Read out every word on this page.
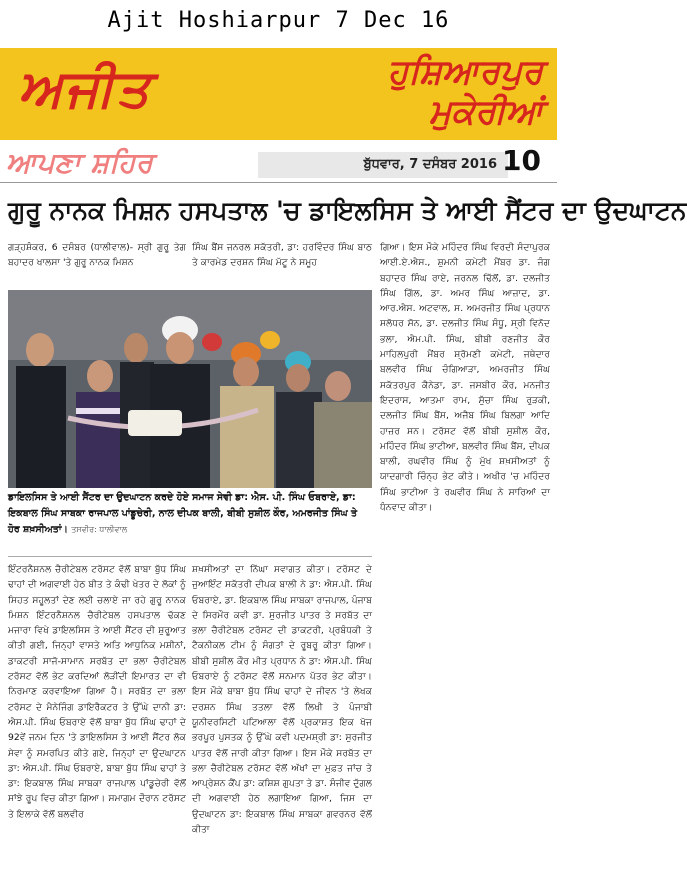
Ajit Hoshiarpur 7 Dec 16
ਅਜੀਤ	ਹੁਸ਼ਿਆਰਪੁਰ
ਮੁਕੇਰੀਆਂ
ਆਪਣਾ ਸ਼ਹਿਰ	ਬੁੱਧਵਾਰ, 7 ਦਸੰਬਰ 2016 10
ਗੁਰੂ ਨਾਨਕ ਮਿਸ਼ਨ ਹਸਪਤਾਲ 'ਚ ਡਾਇਲਸਿਸ ਤੇ ਆਈ ਸੈਂਟਰ ਦਾ ਉਦਘਾਟਨ

ਗੜ੍ਹਸ਼ੰਕਰ, 6 ਦਸੰਬਰ (ਧਾਲੀਵਾਲ)- ਸ੍ਰੀ ਗੁਰੂ ਤੇਗ ਬਹਾਦਰ ਖਾਲਸਾ 'ਤੇ ਗੁਰੂ ਨਾਨਕ ਮਿਸ਼ਨ

ਸਿੰਘ ਬੈਂਸ ਜਨਰਲ ਸਕੱਤਰੀ, ਡਾ: ਹਰਵਿੰਦਰ ਸਿੰਘ ਬਾਠ ਤੇ ਕਾਰਮੇਡ ਦਰਸ਼ਨ ਸਿੰਘ ਮੱਟੂ ਨੇ ਸਮੂਹ

ਡਾਇਲਸਿਸ ਤੇ ਆਈ ਸੈਂਟਰ ਦਾ ਉਦਘਾਟਨ ਕਰਦੇ ਹੋਏ ਸਮਾਜ ਸੇਵੀ ਡਾ: ਐਸ. ਪੀ. ਸਿੰਘ ਓਬਰਾਏ, ਡਾ: ਇਕਬਾਲ ਸਿੰਘ ਸਾਬਕਾ ਰਾਜਪਾਲ ਪਾਂਡੂਚੇਰੀ, ਨਾਲ ਦੀਪਕ ਬਾਲੀ, ਬੀਬੀ ਸੁਸ਼ੀਲ ਕੌਰ, ਅਮਰਜੀਤ ਸਿੰਘ ਤੇ ਹੋਰ ਸ਼ਖ਼ਸੀਅਤਾਂ। ਤਸਵੀਰ: ਧਾਲੀਵਾਲ

ਗਿਆ। ਇਸ ਮੌਕੇ ਮਹਿੰਦਰ ਸਿੰਘ ਵਿਰਦੀ ਸੰਦਾਪੁਰਕ ਆਈ.ਏ.ਐਸ., ਸ਼ੁਮਨੀ ਕਮੇਟੀ ਮੈਂਬਰ ਡਾ. ਜੰਗ ਬਹਾਦਰ ਸਿੰਘ ਰਾਏ, ਜਰਨਲ ਢਿੱਲੋਂ, ਡਾ. ਦਲਜੀਤ ਸਿੰਘ ਗਿੱਲ, ਡਾ. ਅਮਰ ਸਿੰਘ ਆਜ਼ਾਦ, ਡਾ. ਆਰ.ਐਸ. ਅਟਵਾਲ, ਸ. ਅਮਰਜੀਤ ਸਿੰਘ ਪ੍ਰਧਾਨ ਸਲੋਧਰ ਸੋਨ, ਡਾ. ਦਲਜੀਤ ਸਿੰਘ ਸੰਧੂ, ਸ੍ਰੀ ਵਿਨੋਦ ਭਲਾ, ਐਮ.ਪੀ. ਸਿੰਘ, ਬੀਬੀ ਰਣਜੀਤ ਕੌਰ ਮਾਹਿਲਪੁਰੀ ਮੈਂਬਰ ਸ਼੍ਰੋਮਣੀ ਕਮੇਟੀ, ਜਥੇਦਾਰ ਬਲਵੀਰ ਸਿੰਘ ਚੰਗਿਆੜਾ, ਅਮਰਜੀਤ ਸਿੰਘ ਸਕੱਤਰਪੁਰ ਕੈਨੇਡਾ, ਡਾ. ਜਸਬੀਰ ਕੌਰ, ਮਨਜੀਤ ਇਦਰਾਸ, ਆਤਮਾ ਰਾਮ, ਸੁੱਚਾ ਸਿੰਘ ਰੁੜਕੀ, ਦਲਜੀਤ ਸਿੰਘ ਬੈਂਸ, ਅਜੈਬ ਸਿੰਘ ਬਿਲਗਾ ਆਦਿ ਹਾਜ਼ਰ ਸਨ। ਟਰੱਸਟ ਵੱਲੋਂ ਬੀਬੀ ਸੁਸ਼ੀਲ ਕੌਰ, ਮਹਿੰਦਰ ਸਿੰਘ ਭਾਟੀਆ, ਬਲਵੀਰ ਸਿੰਘ ਬੈਂਸ, ਦੀਪਕ ਬਾਲੀ, ਰਘਵੀਰ ਸਿੰਘ ਨੂੰ ਮੁੱਖ ਸ਼ਖ਼ਸੀਅਤਾਂ ਨੂੰ ਯਾਦਗਾਰੀ ਚਿੰਨ੍ਹ ਭੇਟ ਕੀਤੇ। ਅਖੀਰ 'ਚ ਮਹਿੰਦਰ ਸਿੰਘ ਭਾਟੀਆ ਤੇ ਰਘਵੀਰ ਸਿੰਘ ਨੇ ਸਾਰਿਆਂ ਦਾ ਧੰਨਵਾਦ ਕੀਤਾ।

ਇੰਟਰਨੈਸ਼ਨਲ ਚੈਰੀਟੇਬਲ ਟਰੱਸਟ ਵੱਲੋਂ ਬਾਬਾ ਬੁੱਧ ਸਿੰਘ ਢਾਹਾਂ ਦੀ ਅਗਵਾਈ ਹੇਠ ਬੀਤ ਤੇ ਕੰਢੀ ਖੇਤਰ ਦੇ ਲੋਕਾਂ ਨੂੰ ਸਿਹਤ ਸਹੂਲਤਾਂ ਦੇਣ ਲਈ ਚਲਾਏ ਜਾ ਰਹੇ ਗੁਰੂ ਨਾਨਕ ਮਿਸ਼ਨ ਇੰਟਰਨੈਸ਼ਨਲ ਚੈਰੀਟੇਬਲ ਹਸਪਤਾਲ ਢੱਕਣ ਮਜਾਰਾ ਵਿਖੇ ਡਾਇਲਸਿਸ ਤੇ ਆਈ ਸੈਂਟਰ ਦੀ ਸ਼ੁਰੂਆਤ ਕੀਤੀ ਗਈ, ਜਿਨ੍ਹਾਂ ਵਾਸਤੇ ਅਤਿ ਆਧੁਨਿਕ ਮਸ਼ੀਨਾਂ, ਡਾਕਟਰੀ ਸਾਜੋ-ਸਾਮਾਨ ਸਰਬੱਤ ਦਾ ਭਲਾ ਚੈਰੀਟੇਬਲ ਟਰੱਸਟ ਵੱਲੋਂ ਭੇਟ ਕਰਦਿਆਂ ਲੋੜੀਂਦੀ ਇਮਾਰਤ ਦਾ ਵੀ ਨਿਰਮਾਣ ਕਰਵਾਇਆ ਗਿਆ ਹੈ। ਸਰਬੱਤ ਦਾ ਭਲਾ ਟਰੱਸਟ ਦੇ ਮੈਨੇਜਿੰਗ ਡਾਇਰੈਕਟਰ ਤੇ ਉੱਘੇ ਦਾਨੀ ਡਾ: ਐਸ.ਪੀ. ਸਿੰਘ ਓਬਰਾਏ ਵੱਲੋਂ ਬਾਬਾ ਬੁੱਧ ਸਿੰਘ ਢਾਹਾਂ ਦੇ 92ਵੇਂ ਜਨਮ ਦਿਨ 'ਤੇ ਡਾਇਲਸਿਸ ਤੇ ਆਈ ਸੈਂਟਰ ਲੋਕ ਸੇਵਾ ਨੂੰ ਸਮਰਪਿਤ ਕੀਤੇ ਗਏ, ਜਿਨ੍ਹਾਂ ਦਾ ਉਦਘਾਟਨ ਡਾ: ਐਸ.ਪੀ. ਸਿੰਘ ਓਬਰਾਏ, ਬਾਬਾ ਬੁੱਧ ਸਿੰਘ ਢਾਹਾਂ ਤੇ ਡਾ: ਇਕਬਾਲ ਸਿੰਘ ਸਾਬਕਾ ਰਾਜਪਾਲ ਪਾਂਡੂਚੇਰੀ ਵੱਲੋਂ ਸਾਂਝੇ ਰੂਪ ਵਿਚ ਕੀਤਾ ਗਿਆ। ਸਮਾਗਮ ਦੌਰਾਨ ਟਰੱਸਟ ਤੇ ਇਲਾਕੇ ਵੱਲੋਂ ਬਲਵੀਰ

ਸ਼ਖ਼ਸੀਅਤਾਂ ਦਾ ਨਿੱਘਾ ਸਵਾਗਤ ਕੀਤਾ। ਟਰੱਸਟ ਦੇ ਜੁਆਇੰਟ ਸਕੱਤਰੀ ਦੀਪਕ ਬਾਲੀ ਨੇ ਡਾ: ਐਸ.ਪੀ. ਸਿੰਘ ਓਬਰਾਏ, ਡਾ. ਇਕਬਾਲ ਸਿੰਘ ਸਾਬਕਾ ਰਾਜਪਾਲ, ਪੰਜਾਬ ਦੇ ਸਿਰਮੌਰ ਕਵੀ ਡਾ. ਸੁਰਜੀਤ ਪਾਤਰ ਤੇ ਸਰਬੱਤ ਦਾ ਭਲਾ ਚੈਰੀਟੇਬਲ ਟਰੱਸਟ ਦੀ ਡਾਕਟਰੀ, ਪ੍ਰਬੰਧਕੀ ਤੇ ਟੈਕਨੀਕਲ ਟੀਮ ਨੂੰ ਸੰਗਤਾਂ ਦੇ ਰੂਬਰੂ ਕੀਤਾ ਗਿਆ। ਬੀਬੀ ਸੁਸ਼ੀਲ ਕੌਰ ਮੀਤ ਪ੍ਰਧਾਨ ਨੇ ਡਾ: ਐਸ.ਪੀ. ਸਿੰਘ ਓਬਰਾਏ ਨੂੰ ਟਰੱਸਟ ਵੱਲੋਂ ਸਨਮਾਨ ਪੱਤਰ ਭੇਟ ਕੀਤਾ। ਇਸ ਮੌਕੇ ਬਾਬਾ ਬੁੱਧ ਸਿੰਘ ਢਾਹਾਂ ਦੇ ਜੀਵਨ 'ਤੇ ਲੇਖਕ ਦਰਸ਼ਨ ਸਿੰਘ ਤਤਲਾ ਵੱਲੋਂ ਲਿਖੀ ਤੇ ਪੰਜਾਬੀ ਯੂਨੀਵਰਸਿਟੀ ਪਟਿਆਲਾ ਵੱਲੋਂ ਪ੍ਰਕਾਸ਼ਤ ਇਕ ਖੋਜ ਭਰਪੂਰ ਪੁਸਤਕ ਨੂੰ ਉੱਘੇ ਕਵੀ ਪਦਮਸ਼੍ਰੀ ਡਾ: ਸੁਰਜੀਤ ਪਾਤਰ ਵੱਲੋਂ ਜਾਰੀ ਕੀਤਾ ਗਿਆ। ਇਸ ਮੌਕੇ ਸਰਬੱਤ ਦਾ ਭਲਾ ਚੈਰੀਟੇਬਲ ਟਰੱਸਟ ਵੱਲੋਂ ਅੱਖਾਂ ਦਾ ਮੁਫ਼ਤ ਜਾਂਚ ਤੇ ਆਪ੍ਰੇਸ਼ਨ ਕੈਂਪ ਡਾ: ਕਸ਼ਿਸ਼ ਗੁਪਤਾ ਤੇ ਡਾ. ਸੰਜੀਵ ਦੁੱਗਲ ਦੀ ਅਗਵਾਈ ਹੇਠ ਲਗਾਇਆ ਗਿਆ, ਜਿਸ ਦਾ ਉਦਘਾਟਨ ਡਾ: ਇਕਬਾਲ ਸਿੰਘ ਸਾਬਕਾ ਗਵਰਨਰ ਵੱਲੋਂ ਕੀਤਾ
